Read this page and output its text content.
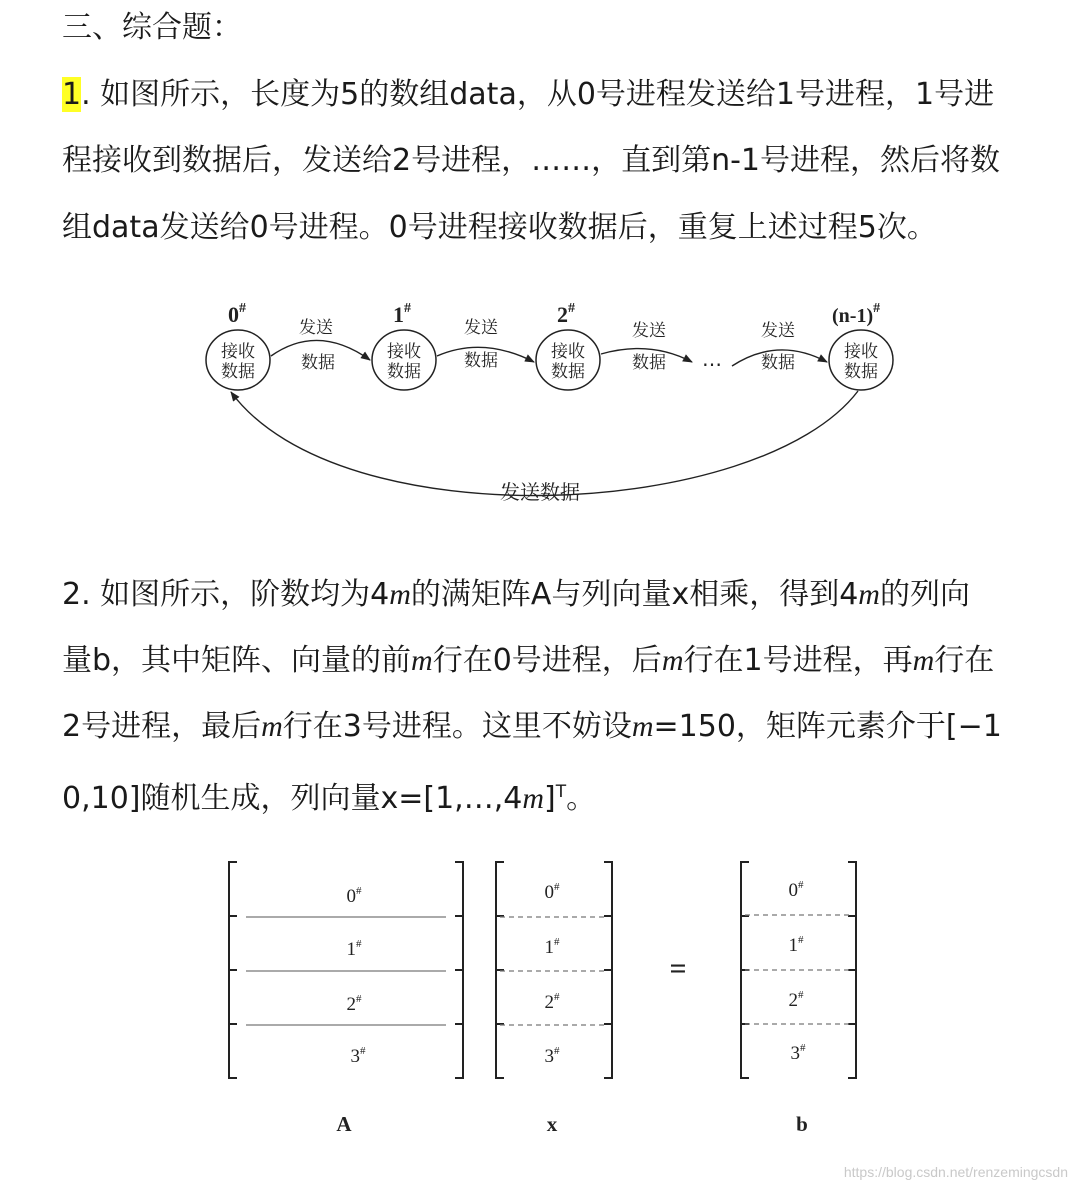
三、综合题：

1. 如图所示，长度为5的数组data，从0号进程发送给1号进程，1号进

程接收到数据后，发送给2号进程，……，直到第n-1号进程，然后将数

组data发送给0号进程。0号进程接收数据后，重复上述过程5次。

0#	1#	2#	(n-1)#
接收
数据
接收
数据
接收
数据
接收
数据
发送
数据
发送
数据
发送
数据
发送
数据
…
发送数据

2. 如图所示，阶数均为4m的满矩阵A与列向量x相乘，得到4m的列向

量b，其中矩阵、向量的前m行在0号进程，后m行在1号进程，再m行在

2号进程，最后m行在3号进程。这里不妨设m=150，矩阵元素介于[−1

0,10]随机生成，列向量x=[1,…,4m]$^T$。

0#
1#
2#
3#
0#
1#
2#
3#
0#
1#
2#
3#
=
A	x	b
https://blog.csdn.net/renzemingcsdn
